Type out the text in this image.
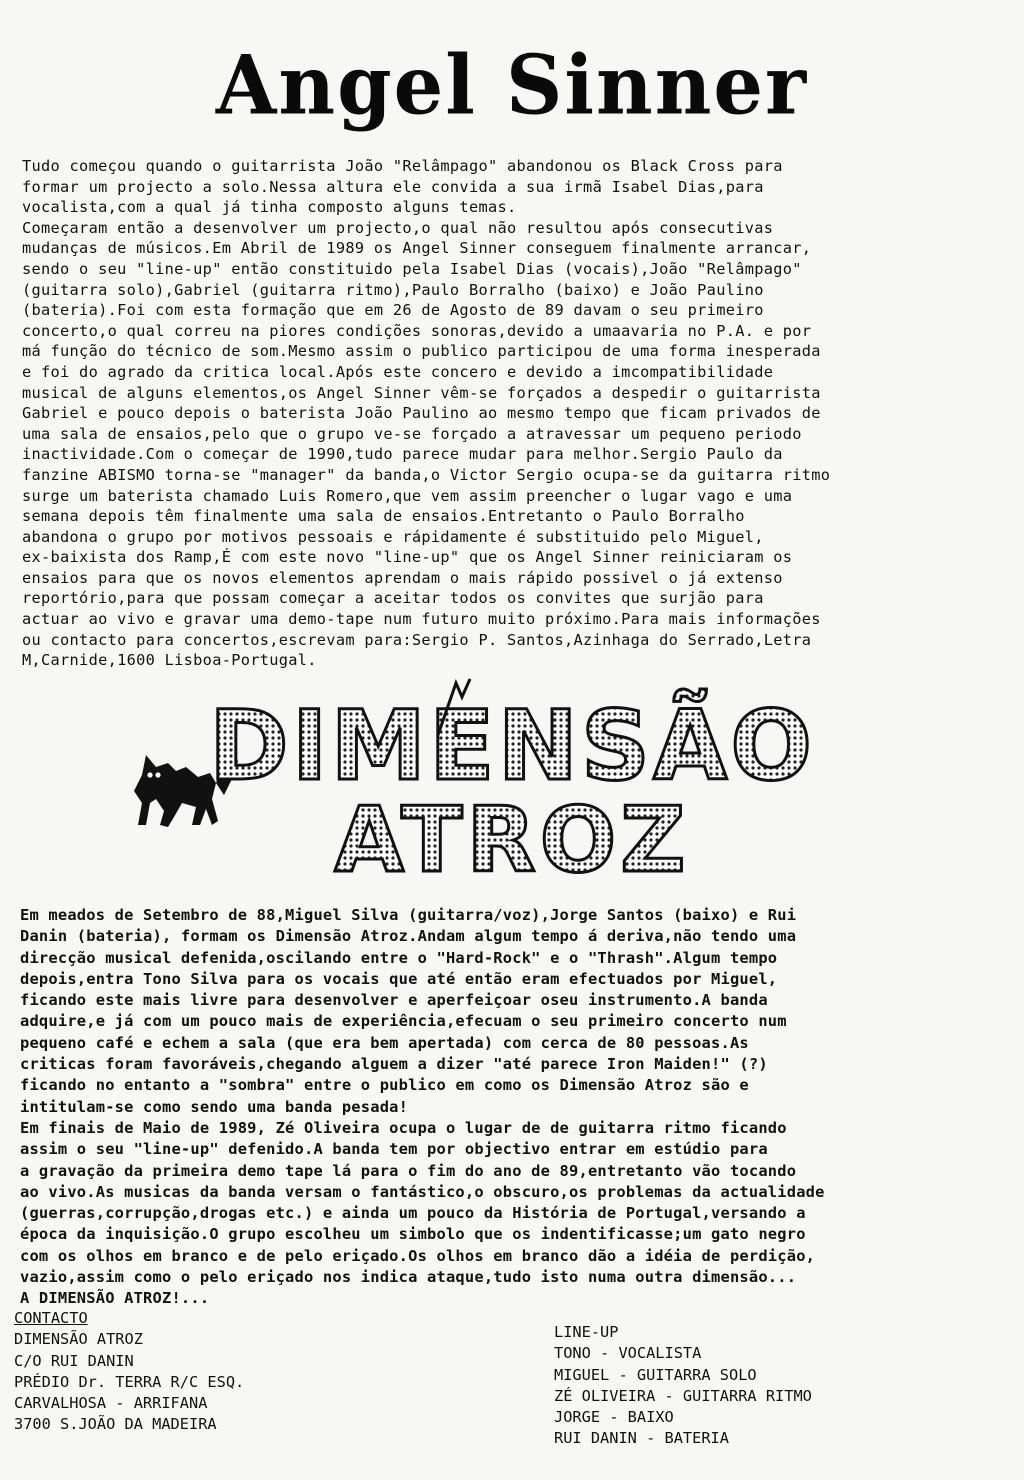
Angel Sinner
Tudo começou quando o guitarrista João "Relâmpago" abandonou os Black Cross para
formar um projecto a solo.Nessa altura ele convida a sua irmã Isabel Dias,para
vocalista,com a qual já tinha composto alguns temas.
Começaram então a desenvolver um projecto,o qual não resultou após consecutivas
mudanças de músicos.Em Abril de 1989 os Angel Sinner conseguem finalmente arrancar,
sendo o seu "line-up" então constituido pela Isabel Dias (vocais),João "Relâmpago"
(guitarra solo),Gabriel (guitarra ritmo),Paulo Borralho (baixo) e João Paulino
(bateria).Foi com esta formação que em 26 de Agosto de 89 davam o seu primeiro
concerto,o qual correu na piores condições sonoras,devido a umaavaria no P.A. e por
má função do técnico de som.Mesmo assim o publico participou de uma forma inesperada
e foi do agrado da critica local.Após este concero e devido a imcompatibilidade
musical de alguns elementos,os Angel Sinner vêm-se forçados a despedir o guitarrista
Gabriel e pouco depois o baterista João Paulino ao mesmo tempo que ficam privados de
uma sala de ensaios,pelo que o grupo ve-se forçado a atravessar um pequeno periodo
inactividade.Com o começar de 1990,tudo parece mudar para melhor.Sergio Paulo da
fanzine ABISMO torna-se "manager" da banda,o Victor Sergio ocupa-se da guitarra ritmo
surge um baterista chamado Luis Romero,que vem assim preencher o lugar vago e uma
semana depois têm finalmente uma sala de ensaios.Entretanto o Paulo Borralho
abandona o grupo por motivos pessoais e rápidamente é substituido pelo Miguel,
ex-baixista dos Ramp,É com este novo "line-up" que os Angel Sinner reiniciaram os
ensaios para que os novos elementos aprendam o mais rápido possivel o já extenso
reportório,para que possam começar a aceitar todos os convites que surjão para
actuar ao vivo e gravar uma demo-tape num futuro muito próximo.Para mais informações
ou contacto para concertos,escrevam para:Sergio P. Santos,Azinhaga do Serrado,Letra
M,Carnide,1600 Lisboa-Portugal.
DIMENSÃO
ATROZ
Em meados de Setembro de 88,Miguel Silva (guitarra/voz),Jorge Santos (baixo) e Rui
Danin (bateria), formam os Dimensão Atroz.Andam algum tempo á deriva,não tendo uma
direcção musical defenida,oscilando entre o "Hard-Rock" e o "Thrash".Algum tempo
depois,entra Tono Silva para os vocais que até então eram efectuados por Miguel,
ficando este mais livre para desenvolver e aperfeiçoar oseu instrumento.A banda
adquire,e já com um pouco mais de experiência,efecuam o seu primeiro concerto num
pequeno café e echem a sala (que era bem apertada) com cerca de 80 pessoas.As
criticas foram favoráveis,chegando alguem a dizer "até parece Iron Maiden!" (?)
ficando no entanto a "sombra" entre o publico em como os Dimensão Atroz são e
intitulam-se como sendo uma banda pesada!
Em finais de Maio de 1989, Zé Oliveira ocupa o lugar de de guitarra ritmo ficando
assim o seu "line-up" defenido.A banda tem por objectivo entrar em estúdio para
a gravação da primeira demo tape lá para o fim do ano de 89,entretanto vão tocando
ao vivo.As musicas da banda versam o fantástico,o obscuro,os problemas da actualidade
(guerras,corrupção,drogas etc.) e ainda um pouco da História de Portugal,versando a
época da inquisição.O grupo escolheu um simbolo que os indentificasse;um gato negro
com os olhos em branco e de pelo eriçado.Os olhos em branco dão a idéia de perdição,
vazio,assim como o pelo eriçado nos indica ataque,tudo isto numa outra dimensão...
A DIMENSÃO ATROZ!...
CONTACTO
DIMENSÃO ATROZ
C/O RUI DANIN
PRÉDIO Dr. TERRA R/C ESQ.
CARVALHOSA - ARRIFANA
3700 S.JOÃO DA MADEIRA
LINE-UP
TONO - VOCALISTA
MIGUEL - GUITARRA SOLO
ZÉ OLIVEIRA - GUITARRA RITMO
JORGE - BAIXO
RUI DANIN - BATERIA
